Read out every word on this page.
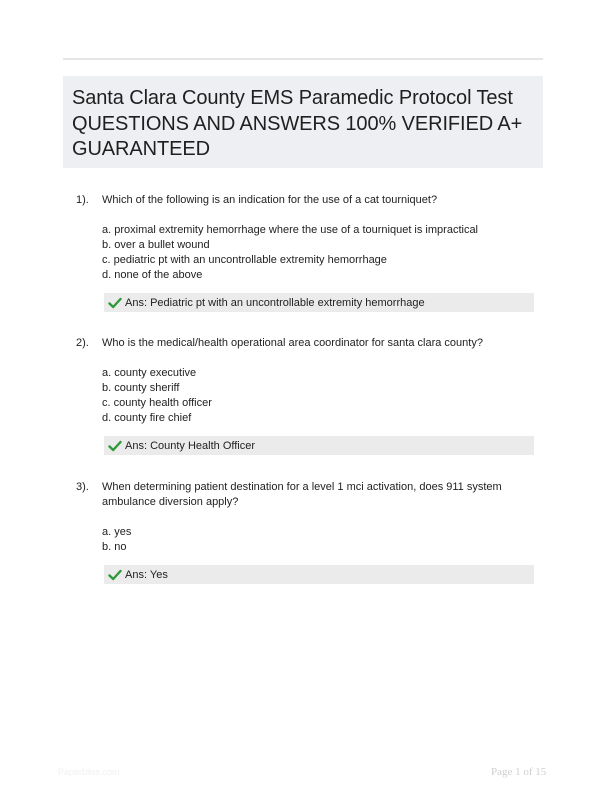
Santa Clara County EMS Paramedic Protocol Test QUESTIONS AND ANSWERS 100% VERIFIED A+ GUARANTEED
1). Which of the following is an indication for the use of a cat tourniquet?

a. proximal extremity hemorrhage where the use of a tourniquet is impractical
b. over a bullet wound
c. pediatric pt with an uncontrollable extremity hemorrhage
d. none of the above
Ans: Pediatric pt with an uncontrollable extremity hemorrhage
2). Who is the medical/health operational area coordinator for santa clara county?

a. county executive
b. county sheriff
c. county health officer
d. county fire chief
Ans: County Health Officer
3). When determining patient destination for a level 1 mci activation, does 911 system ambulance diversion apply?

a. yes
b. no
Ans: Yes
Paperbliss.com	Page 1 of 15
